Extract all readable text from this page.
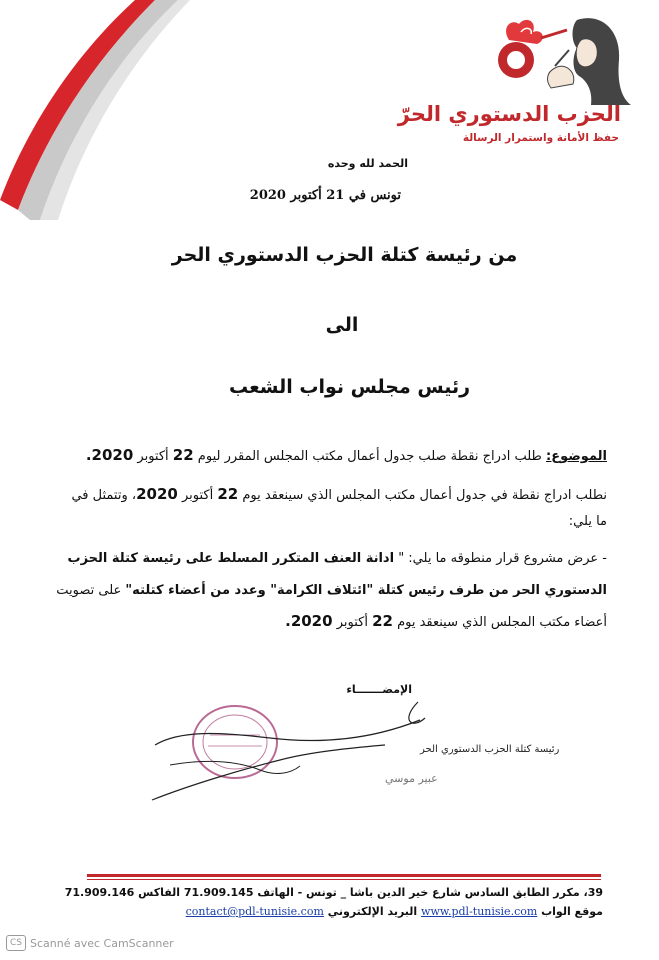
الحزب الدستوري الحرّ
حفظ الأمانة واستمرار الرسالة
الحمد لله وحده
تونس في 21 أكتوبر 2020
من رئيسة كتلة الحزب الدستوري الحر
الى
رئيس مجلس نواب الشعب
الموضوع: طلب ادراج نقطة صلب جدول أعمال مكتب المجلس المقرر ليوم 22 أكتوبر 2020.
نطلب ادراج نقطة في جدول أعمال مكتب المجلس الذي سينعقد يوم 22 أكتوبر 2020، وتتمثل في
ما يلي:
- عرض مشروع قرار منطوقه ما يلي: " ادانة العنف المتكرر المسلط على رئيسة كتلة الحزب
الدستوري الحر من طرف رئيس كتلة "ائتلاف الكرامة" وعدد من أعضاء كتلته" على تصويت
أعضاء مكتب المجلس الذي سينعقد يوم 22 أكتوبر 2020.
الإمضـــــــاء
رئيسة كتلة الحزب الدستوري الحر
عبير موسي
39، مكرر الطابق السادس شارع خير الدين باشا _ تونس - الهاتف 71.909.145 الفاكس 71.909.146
موقع الواب www.pdl-tunisie.com البريد الإلكتروني contact@pdl-tunisie.com
CS Scanné avec CamScanner
